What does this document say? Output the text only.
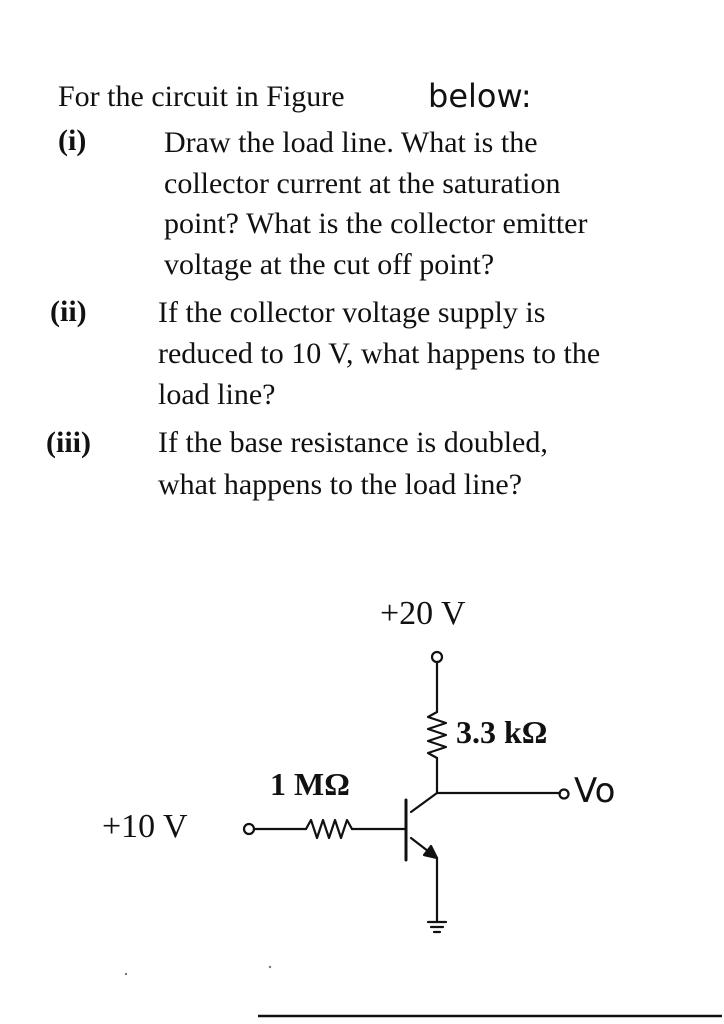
For the circuit in Figure	below:
(i)	Draw the load line. What is the
collector current at the saturation
point? What is the collector emitter
voltage at the cut off point?
(ii) If the collector voltage supply is
reduced to 10 V, what happens to the
load line?
(iii) If the base resistance is doubled,
what happens to the load line?
+20 V
3.3 kΩ
1 MΩ
+10 V
Vo
